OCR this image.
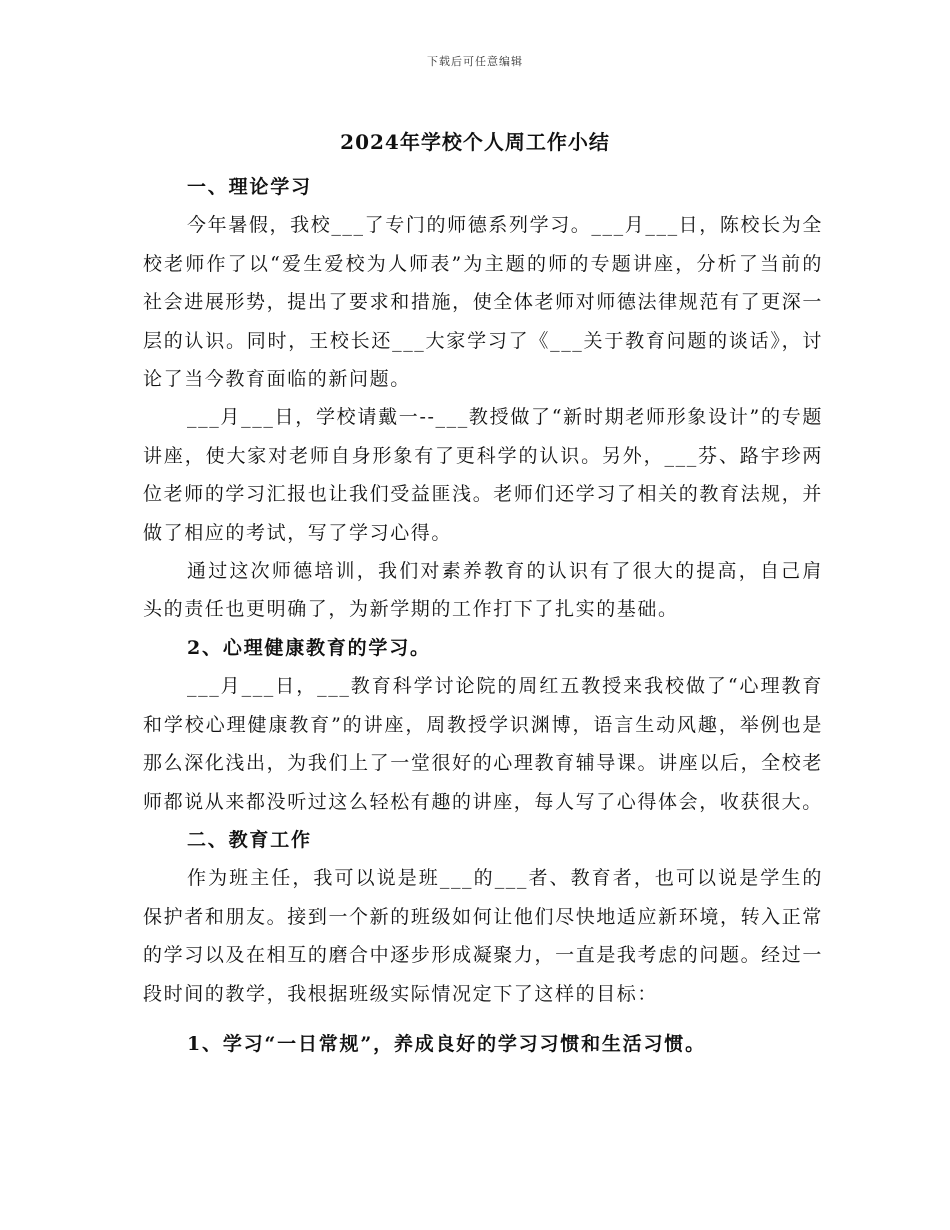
下载后可任意编辑
2024年学校个人周工作小结

一、理论学习

今年暑假，我校___了专门的师德系列学习。___月___日，陈校长为全校老师作了以“爱生爱校为人师表”为主题的师的专题讲座，分析了当前的社会进展形势，提出了要求和措施，使全体老师对师德法律规范有了更深一层的认识。同时，王校长还___大家学习了《___关于教育问题的谈话》，讨论了当今教育面临的新问题。

___月___日，学校请戴一--___教授做了“新时期老师形象设计”的专题讲座，使大家对老师自身形象有了更科学的认识。另外，___芬、路宇珍两位老师的学习汇报也让我们受益匪浅。老师们还学习了相关的教育法规，并做了相应的考试，写了学习心得。

通过这次师德培训，我们对素养教育的认识有了很大的提高，自己肩头的责任也更明确了，为新学期的工作打下了扎实的基础。

2、心理健康教育的学习。

___月___日，___教育科学讨论院的周红五教授来我校做了“心理教育和学校心理健康教育”的讲座，周教授学识渊博，语言生动风趣，举例也是那么深化浅出，为我们上了一堂很好的心理教育辅导课。讲座以后，全校老师都说从来都没听过这么轻松有趣的讲座，每人写了心得体会，收获很大。

二、教育工作

作为班主任，我可以说是班___的___者、教育者，也可以说是学生的保护者和朋友。接到一个新的班级如何让他们尽快地适应新环境，转入正常的学习以及在相互的磨合中逐步形成凝聚力，一直是我考虑的问题。经过一段时间的教学，我根据班级实际情况定下了这样的目标：

1、学习“一日常规”，养成良好的学习习惯和生活习惯。
